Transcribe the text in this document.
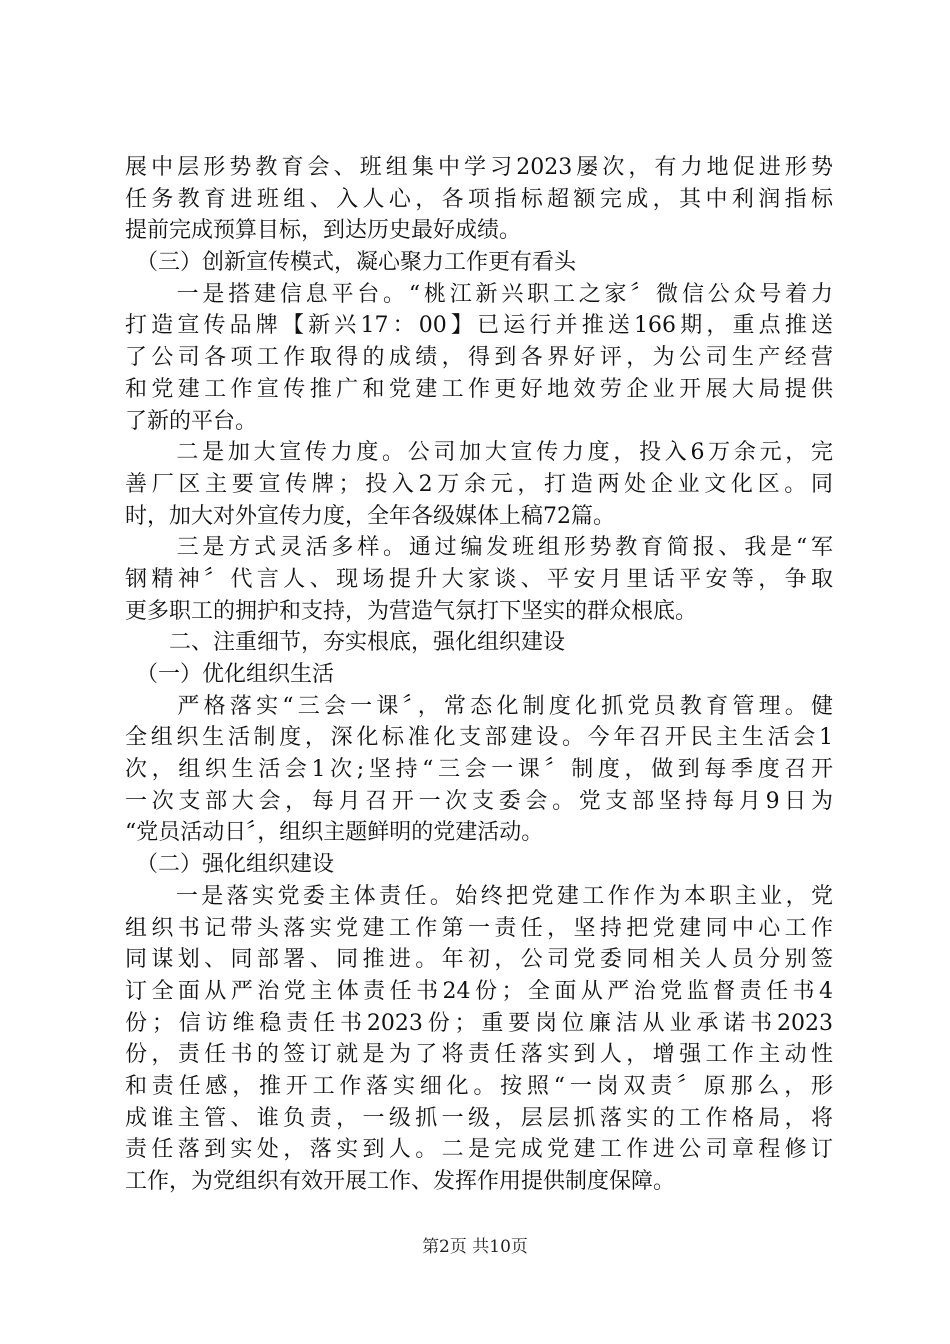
展中层形势教育会、班组集中学习2023屡次，有力地促进形势
任务教育进班组、入人心，各项指标超额完成，其中利润指标
提前完成预算目标，到达历史最好成绩。
　（三）创新宣传模式，凝心聚力工作更有看头
　　一是搭建信息平台。“桃江新兴职工之家〞微信公众号着力
打造宣传品牌【新兴17：00】已运行并推送166期，重点推送
了公司各项工作取得的成绩，得到各界好评，为公司生产经营
和党建工作宣传推广和党建工作更好地效劳企业开展大局提供
了新的平台。
　　二是加大宣传力度。公司加大宣传力度，投入6万余元，完
善厂区主要宣传牌；投入2万余元，打造两处企业文化区。同
时，加大对外宣传力度，全年各级媒体上稿72篇。
　　三是方式灵活多样。通过编发班组形势教育简报、我是“军
钢精神〞代言人、现场提升大家谈、平安月里话平安等，争取
更多职工的拥护和支持，为营造气氛打下坚实的群众根底。
　　二、注重细节，夯实根底，强化组织建设
　（一）优化组织生活
　　严格落实“三会一课〞，常态化制度化抓党员教育管理。健
全组织生活制度，深化标准化支部建设。今年召开民主生活会1
次，组织生活会1次;坚持“三会一课〞制度，做到每季度召开
一次支部大会，每月召开一次支委会。党支部坚持每月9日为
“党员活动日〞，组织主题鲜明的党建活动。
　（二）强化组织建设
　　一是落实党委主体责任。始终把党建工作作为本职主业，党
组织书记带头落实党建工作第一责任，坚持把党建同中心工作
同谋划、同部署、同推进。年初，公司党委同相关人员分别签
订全面从严治党主体责任书24份；全面从严治党监督责任书4
份；信访维稳责任书2023份；重要岗位廉洁从业承诺书2023
份，责任书的签订就是为了将责任落实到人，增强工作主动性
和责任感，推开工作落实细化。按照“一岗双责〞原那么，形
成谁主管、谁负责，一级抓一级，层层抓落实的工作格局，将
责任落到实处，落实到人。二是完成党建工作进公司章程修订
工作，为党组织有效开展工作、发挥作用提供制度保障。
第2页 共10页
